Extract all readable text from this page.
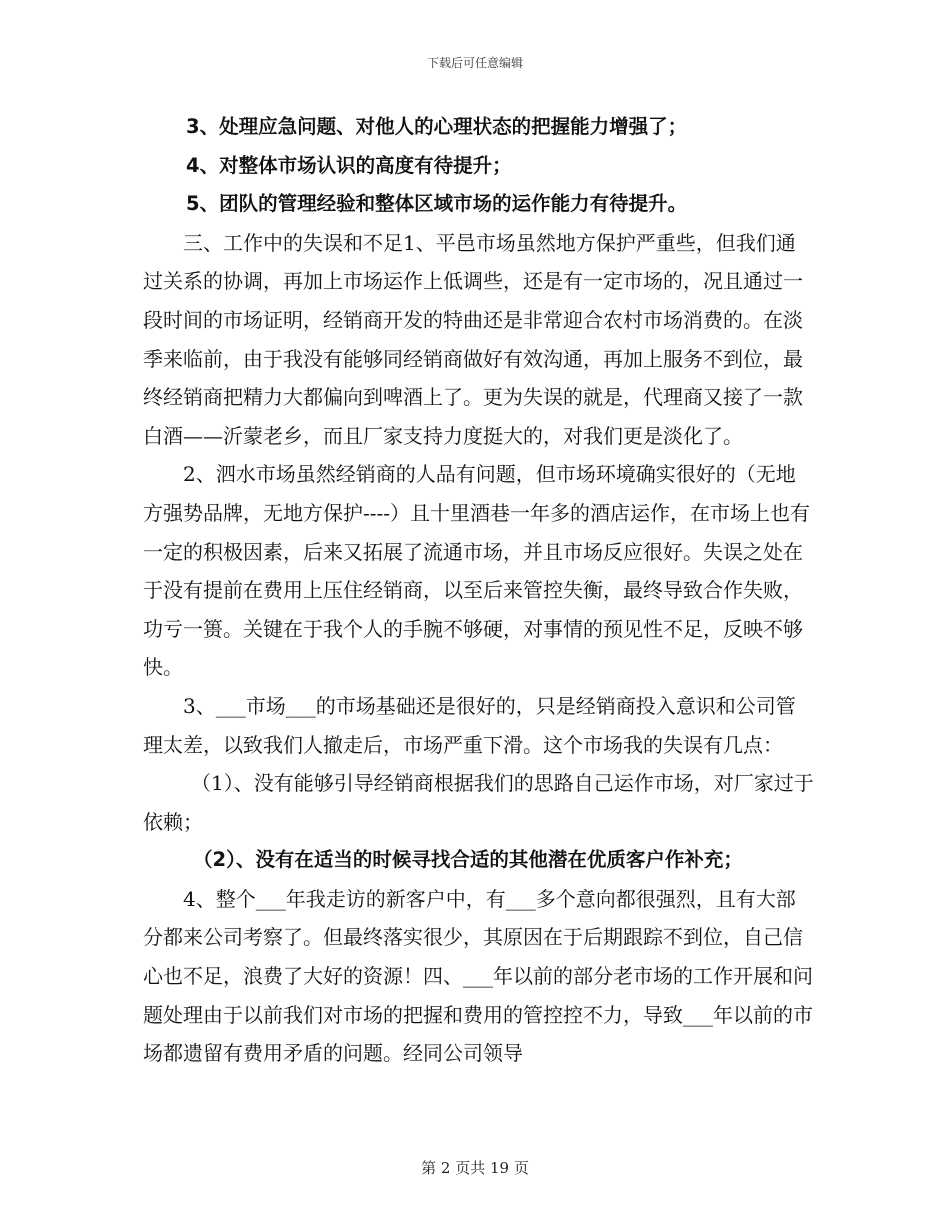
下载后可任意编辑

3、处理应急问题、对他人的心理状态的把握能力增强了；

4、对整体市场认识的高度有待提升；

5、团队的管理经验和整体区域市场的运作能力有待提升。

三、工作中的失误和不足1、平邑市场虽然地方保护严重些，但我们通过关系的协调，再加上市场运作上低调些，还是有一定市场的，况且通过一段时间的市场证明，经销商开发的特曲还是非常迎合农村市场消费的。在淡季来临前，由于我没有能够同经销商做好有效沟通，再加上服务不到位，最终经销商把精力大都偏向到啤酒上了。更为失误的就是，代理商又接了一款白酒——沂蒙老乡，而且厂家支持力度挺大的，对我们更是淡化了。

2、泗水市场虽然经销商的人品有问题，但市场环境确实很好的（无地方强势品牌，无地方保护----）且十里酒巷一年多的酒店运作，在市场上也有一定的积极因素，后来又拓展了流通市场，并且市场反应很好。失误之处在于没有提前在费用上压住经销商，以至后来管控失衡，最终导致合作失败，功亏一篑。关键在于我个人的手腕不够硬，对事情的预见性不足，反映不够快。

3、___市场___的市场基础还是很好的，只是经销商投入意识和公司管理太差，以致我们人撤走后，市场严重下滑。这个市场我的失误有几点：

（1）、没有能够引导经销商根据我们的思路自己运作市场，对厂家过于依赖；

（2）、没有在适当的时候寻找合适的其他潜在优质客户作补充；

4、整个___年我走访的新客户中，有___多个意向都很强烈，且有大部分都来公司考察了。但最终落实很少，其原因在于后期跟踪不到位，自己信心也不足，浪费了大好的资源！四、___年以前的部分老市场的工作开展和问题处理由于以前我们对市场的把握和费用的管控控不力，导致___年以前的市场都遗留有费用矛盾的问题。经同公司领导

第 2 页共 19 页
